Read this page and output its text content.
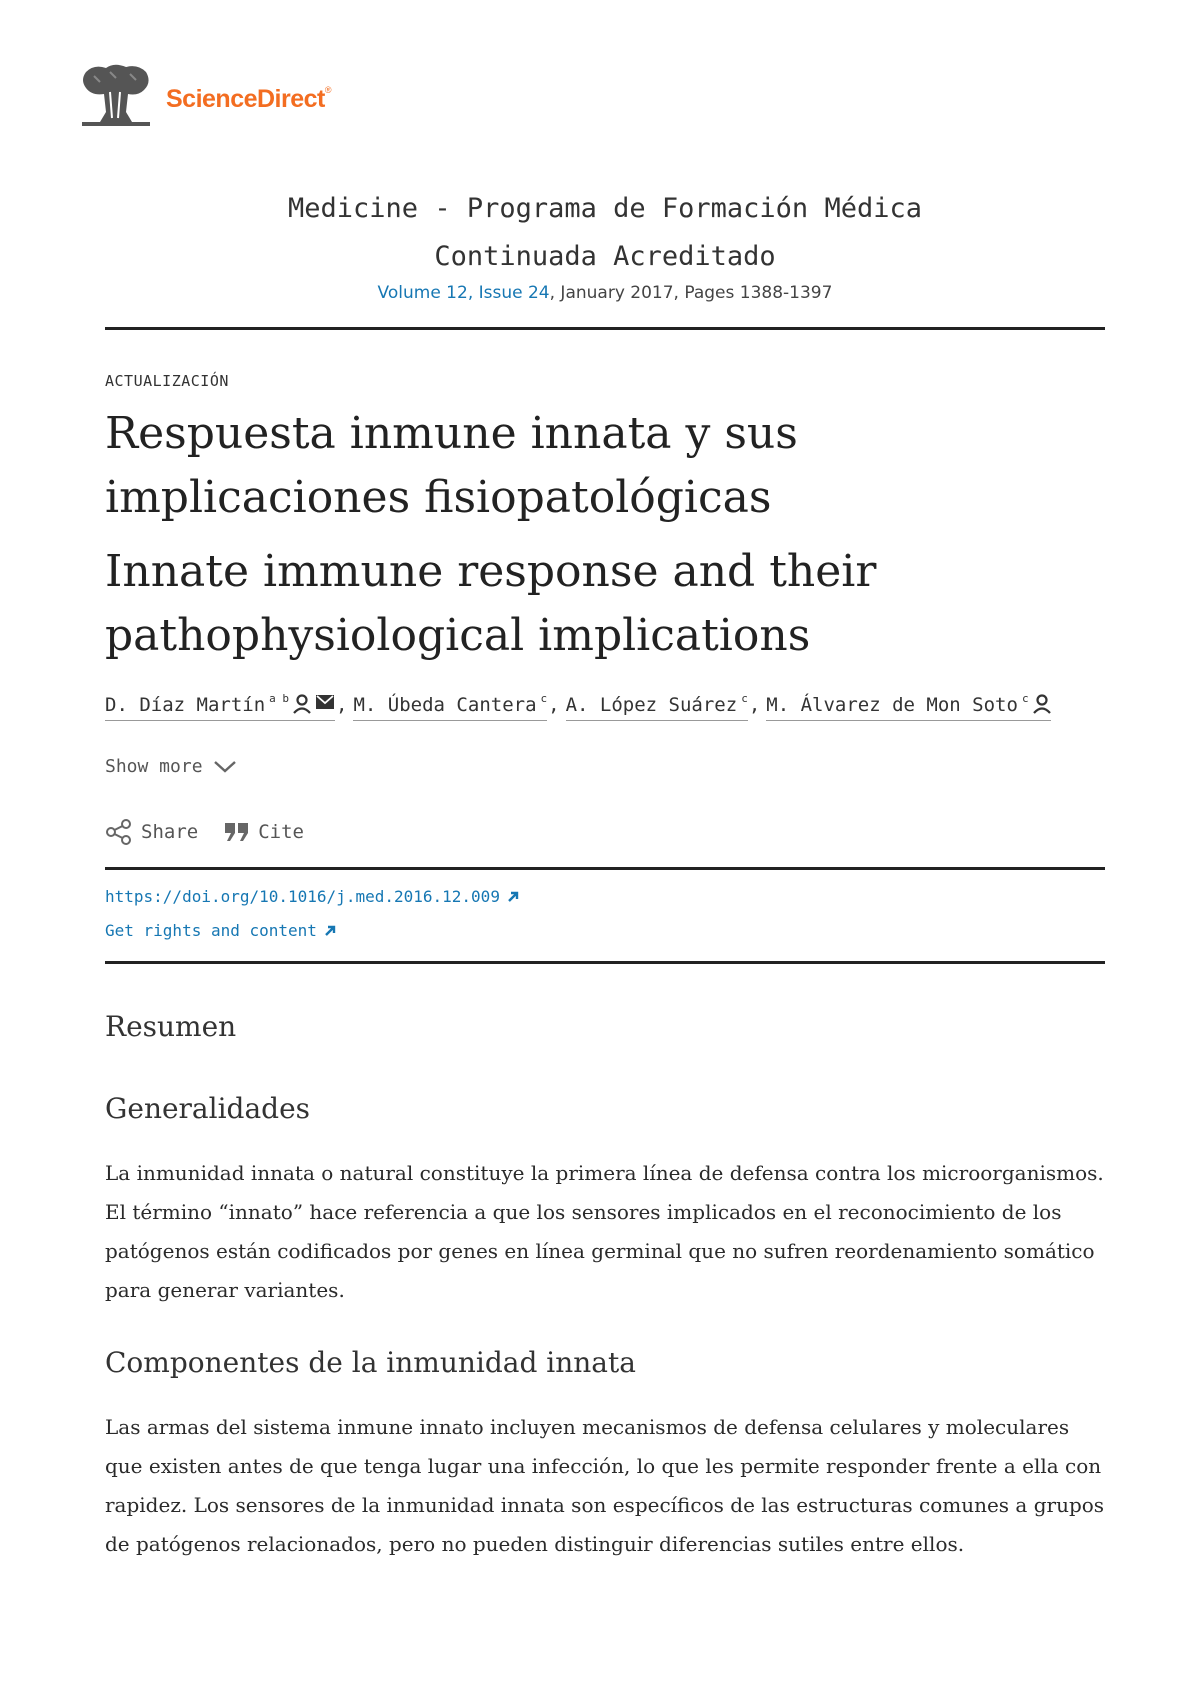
ScienceDirect®
Medicine - Programa de Formación Médica
Continuada Acreditado
Volume 12, Issue 24, January 2017, Pages 1388-1397
ACTUALIZACIÓN
Respuesta inmune innata y sus implicaciones fisiopatológicas
Innate immune response and their pathophysiological implications
D. Díaz Martín $^{a b}$ , M. Úbeda Cantera $^c$ , A. López Suárez $^c$ , M. Álvarez de Mon Soto $^c$
Show more
Share	Cite
https://doi.org/10.1016/j.med.2016.12.009
Get rights and content
Resumen
Generalidades

La inmunidad innata o natural constituye la primera línea de defensa contra los microorganismos. El término “innato” hace referencia a que los sensores implicados en el reconocimiento de los patógenos están codificados por genes en línea germinal que no sufren reordenamiento somático para generar variantes.

Componentes de la inmunidad innata

Las armas del sistema inmune innato incluyen mecanismos de defensa celulares y moleculares que existen antes de que tenga lugar una infección, lo que les permite responder frente a ella con rapidez. Los sensores de la inmunidad innata son específicos de las estructuras comunes a grupos de patógenos relacionados, pero no pueden distinguir diferencias sutiles entre ellos.
